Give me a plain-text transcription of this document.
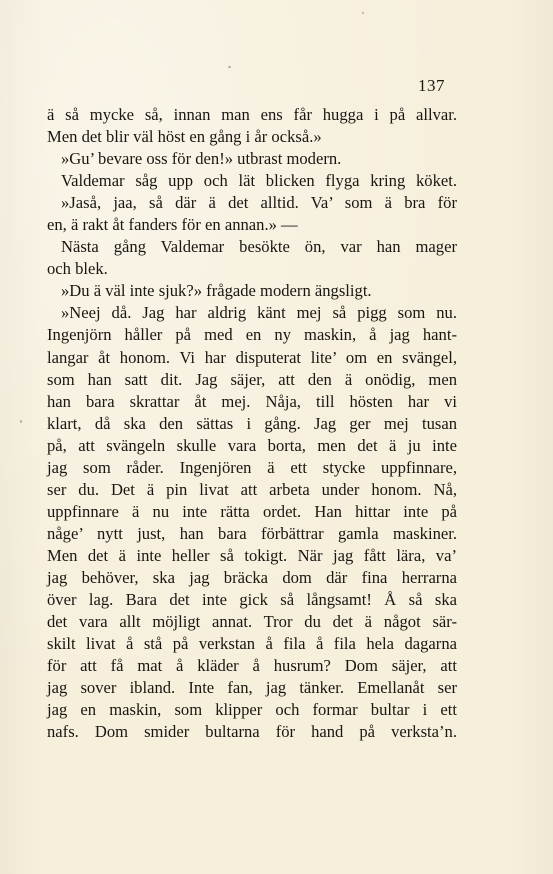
137
ä så mycke så, innan man ens får hugga i på allvar.
Men det blir väl höst en gång i år också.»
»Gu’ bevare oss för den!» utbrast modern.
Valdemar såg upp och lät blicken flyga kring köket.
»Jaså, jaa, så där ä det alltid. Va’ som ä bra för
en, ä rakt åt fanders för en annan.» —
Nästa gång Valdemar besökte ön, var han mager
och blek.
»Du ä väl inte sjuk?» frågade modern ängsligt.
»Neej då. Jag har aldrig känt mej så pigg som nu.
Ingenjörn håller på med en ny maskin, å jag hant-
langar åt honom. Vi har disputerat lite’ om en svängel,
som han satt dit. Jag säjer, att den ä onödig, men
han bara skrattar åt mej. Nåja, till hösten har vi
klart, då ska den sättas i gång. Jag ger mej tusan
på, att svängeln skulle vara borta, men det ä ju inte
jag som råder. Ingenjören ä ett stycke uppfinnare,
ser du. Det ä pin livat att arbeta under honom. Nå,
uppfinnare ä nu inte rätta ordet. Han hittar inte på
någe’ nytt just, han bara förbättrar gamla maskiner.
Men det ä inte heller så tokigt. När jag fått lära, va’
jag behöver, ska jag bräcka dom där fina herrarna
över lag. Bara det inte gick så långsamt! Å så ska
det vara allt möjligt annat. Tror du det ä något sär-
skilt livat å stå på verkstan å fila å fila hela dagarna
för att få mat å kläder å husrum? Dom säjer, att
jag sover ibland. Inte fan, jag tänker. Emellanåt ser
jag en maskin, som klipper och formar bultar i ett
nafs. Dom smider bultarna för hand på verksta’n.
